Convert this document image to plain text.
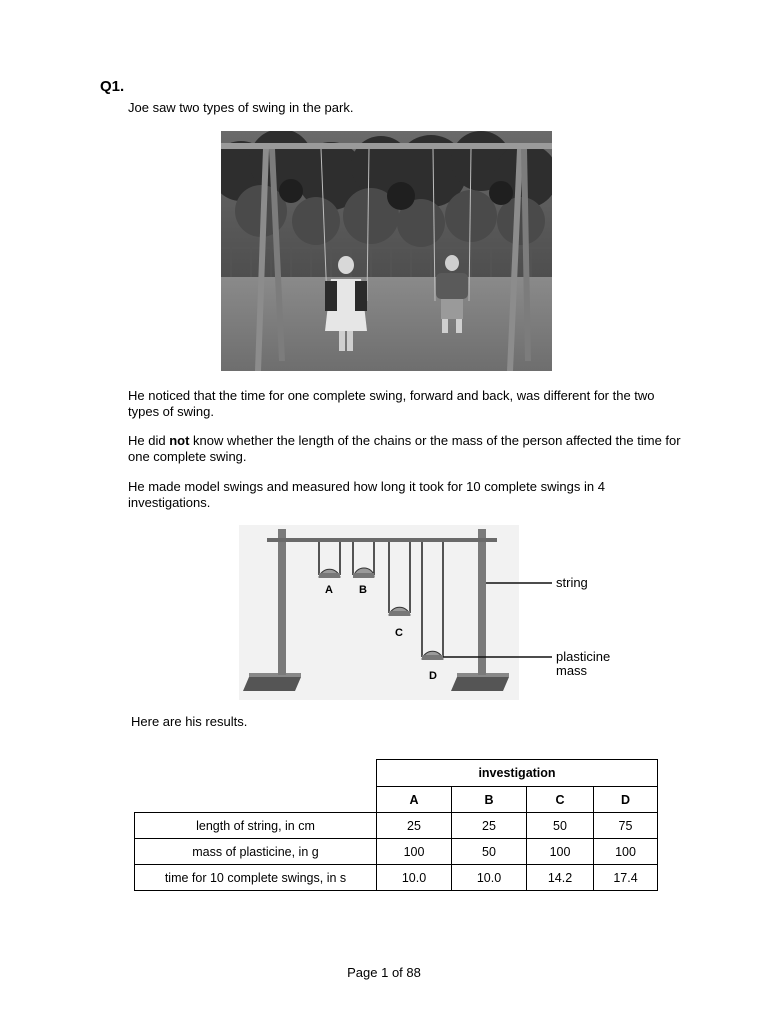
Q1.

Joe saw two types of swing in the park.

He noticed that the time for one complete swing, forward and back, was different for the two types of swing.

He did not know whether the length of the chains or the mass of the person affected the time for one complete swing.

He made model swings and measured how long it took for 10 complete swings in 4 investigations.

A B
C
D
string
plasticine
mass

Here are his results.

	investigation			
	A	B	C	D
length of string, in cm	25	25	50	75
mass of plasticine, in g	100	50	100	100
time for 10 complete swings, in s	10.0	10.0	14.2	17.4
Page 1 of 88
